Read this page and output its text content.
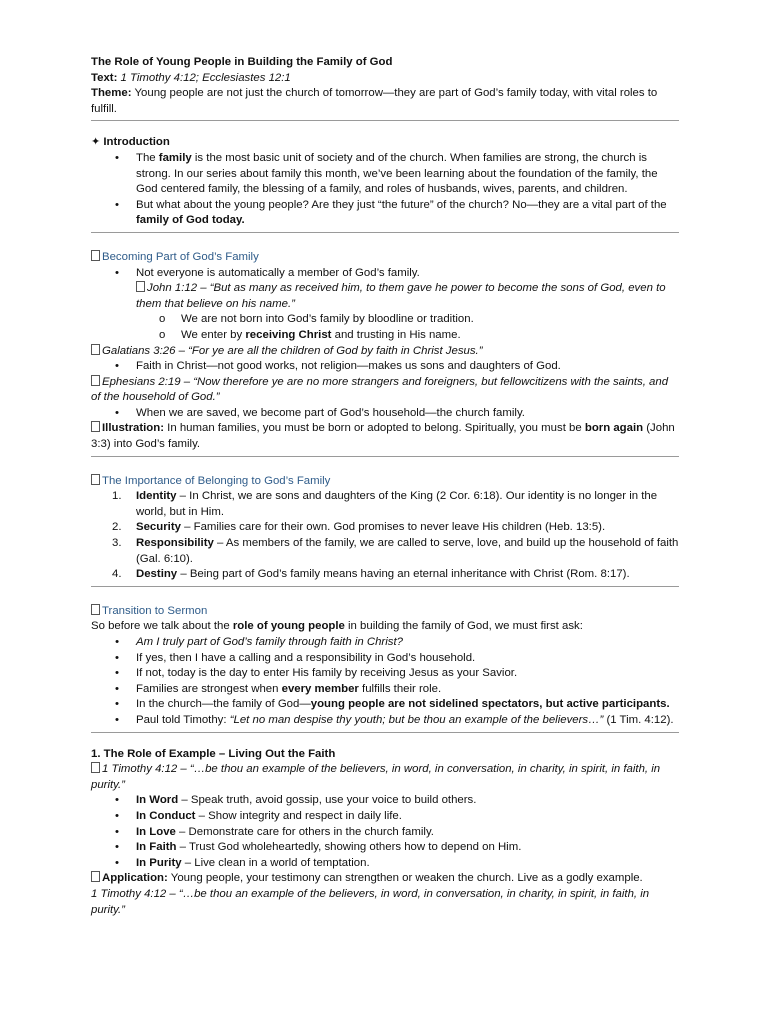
The Role of Young People in Building the Family of God
Text: 1 Timothy 4:12; Ecclesiastes 12:1
Theme: Young people are not just the church of tomorrow—they are part of God’s family today, with vital roles to fulfill.
✦ Introduction
• The family is the most basic unit of society and of the church. When families are strong, the church is strong. In our series about family this month, we’ve been learning about the foundation of the family, the God centered family, the blessing of a family, and roles of husbands, wives, parents, and children.
• But what about the young people? Are they just “the future” of the church? No—they are a vital part of the family of God today.
Becoming Part of God’s Family
• Not everyone is automatically a member of God’s family.
John 1:12 – “But as many as received him, to them gave he power to become the sons of God, even to them that believe on his name.”
o We are not born into God’s family by bloodline or tradition.
o We enter by receiving Christ and trusting in His name.
Galatians 3:26 – “For ye are all the children of God by faith in Christ Jesus.”
• Faith in Christ—not good works, not religion—makes us sons and daughters of God.
Ephesians 2:19 – “Now therefore ye are no more strangers and foreigners, but fellowcitizens with the saints, and of the household of God.”
• When we are saved, we become part of God’s household—the church family.
Illustration: In human families, you must be born or adopted to belong. Spiritually, you must be born again (John 3:3) into God’s family.
The Importance of Belonging to God’s Family
1. Identity – In Christ, we are sons and daughters of the King (2 Cor. 6:18). Our identity is no longer in the world, but in Him.
2. Security – Families care for their own. God promises to never leave His children (Heb. 13:5).
3. Responsibility – As members of the family, we are called to serve, love, and build up the household of faith (Gal. 6:10).
4. Destiny – Being part of God’s family means having an eternal inheritance with Christ (Rom. 8:17).
Transition to Sermon
So before we talk about the role of young people in building the family of God, we must first ask:
• Am I truly part of God’s family through faith in Christ?
• If yes, then I have a calling and a responsibility in God’s household.
• If not, today is the day to enter His family by receiving Jesus as your Savior.
• Families are strongest when every member fulfills their role.
• In the church—the family of God—young people are not sidelined spectators, but active participants.
• Paul told Timothy: “Let no man despise thy youth; but be thou an example of the believers…” (1 Tim. 4:12).
1. The Role of Example – Living Out the Faith
1 Timothy 4:12 – “…be thou an example of the believers, in word, in conversation, in charity, in spirit, in faith, in purity.”
• In Word – Speak truth, avoid gossip, use your voice to build others.
• In Conduct – Show integrity and respect in daily life.
• In Love – Demonstrate care for others in the church family.
• In Faith – Trust God wholeheartedly, showing others how to depend on Him.
• In Purity – Live clean in a world of temptation.
Application: Young people, your testimony can strengthen or weaken the church. Live as a godly example.
1 Timothy 4:12 – “…be thou an example of the believers, in word, in conversation, in charity, in spirit, in faith, in purity.”
